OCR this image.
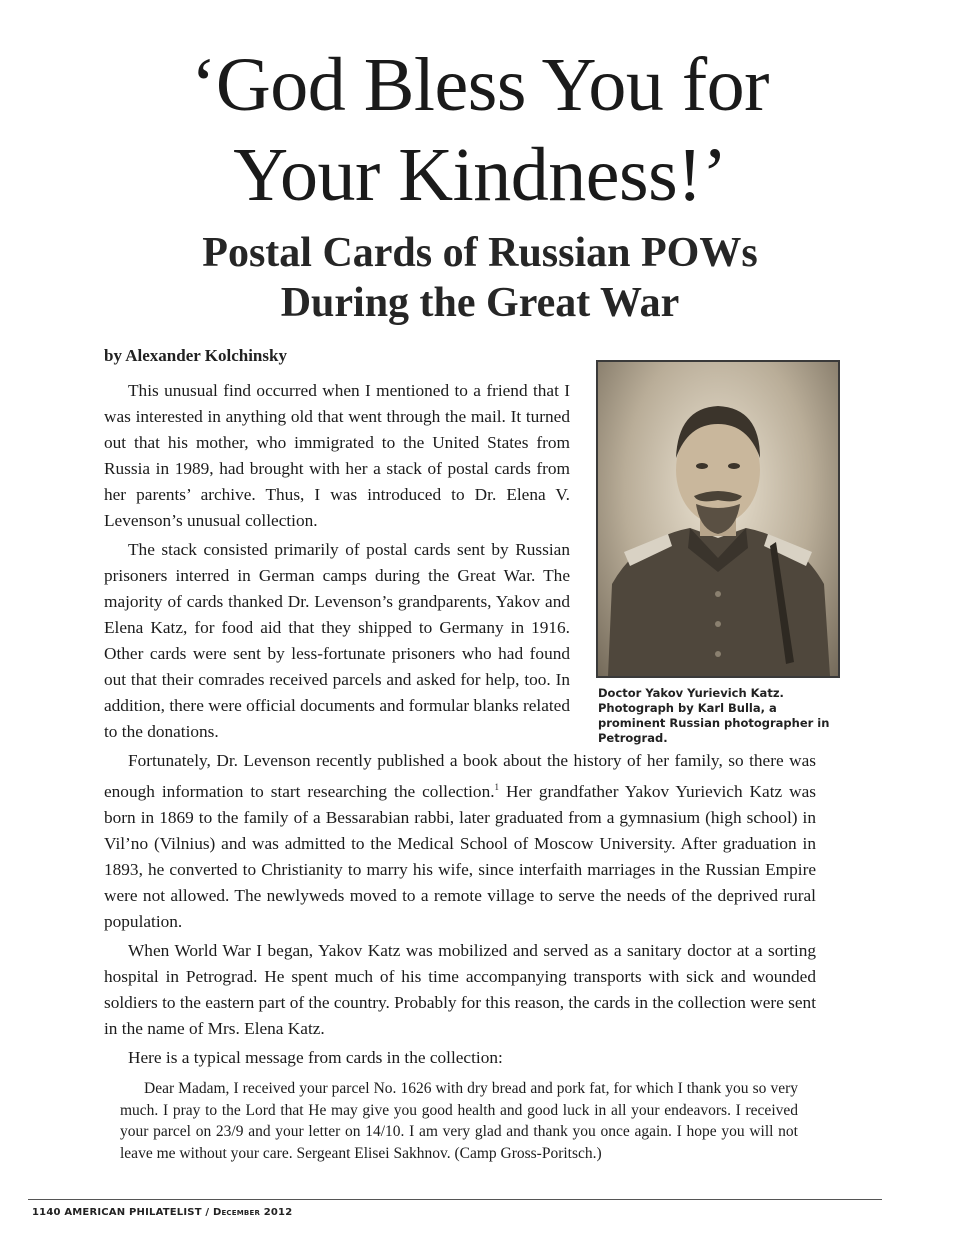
‘God Bless You for
Your Kindness!’
Postal Cards of Russian POWs
During the Great War

by Alexander Kolchinsky

Doctor Yakov Yurievich Katz. Photograph by Karl Bulla, a prominent Russian photographer in Petrograd.

This unusual find occurred when I mentioned to a friend that I was interested in anything old that went through the mail. It turned out that his mother, who immigrated to the United States from Russia in 1989, had brought with her a stack of postal cards from her parents’ archive. Thus, I was introduced to Dr. Elena V. Levenson’s unusual collection.

The stack consisted primarily of postal cards sent by Russian prisoners interred in German camps during the Great War. The majority of cards thanked Dr. Levenson’s grandparents, Yakov and Elena Katz, for food aid that they shipped to Germany in 1916. Other cards were sent by less-fortunate prisoners who had found out that their comrades received parcels and asked for help, too. In addition, there were official documents and formular blanks related to the donations.

Fortunately, Dr. Levenson recently published a book about the history of her family, so there was enough information to start researching the collection.$^1$ Her grandfather Yakov Yurievich Katz was born in 1869 to the family of a Bessarabian rabbi, later graduated from a gymnasium (high school) in Vil’no (Vilnius) and was admitted to the Medical School of Moscow University. After graduation in 1893, he converted to Christianity to marry his wife, since interfaith marriages in the Russian Empire were not allowed. The newlyweds moved to a remote village to serve the needs of the deprived rural population.

When World War I began, Yakov Katz was mobilized and served as a sanitary doctor at a sorting hospital in Petrograd. He spent much of his time accompanying transports with sick and wounded soldiers to the eastern part of the country. Probably for this reason, the cards in the collection were sent in the name of Mrs. Elena Katz.

Here is a typical message from cards in the collection:

Dear Madam, I received your parcel No. 1626 with dry bread and pork fat, for which I thank you so very much. I pray to the Lord that He may give you good health and good luck in all your endeavors. I received your parcel on 23/9 and your letter on 14/10. I am very glad and thank you once again. I hope you will not leave me without your care. Sergeant Elisei Sakhnov. (Camp Gross-Poritsch.)

1140 AMERICAN PHILATELIST / December 2012
